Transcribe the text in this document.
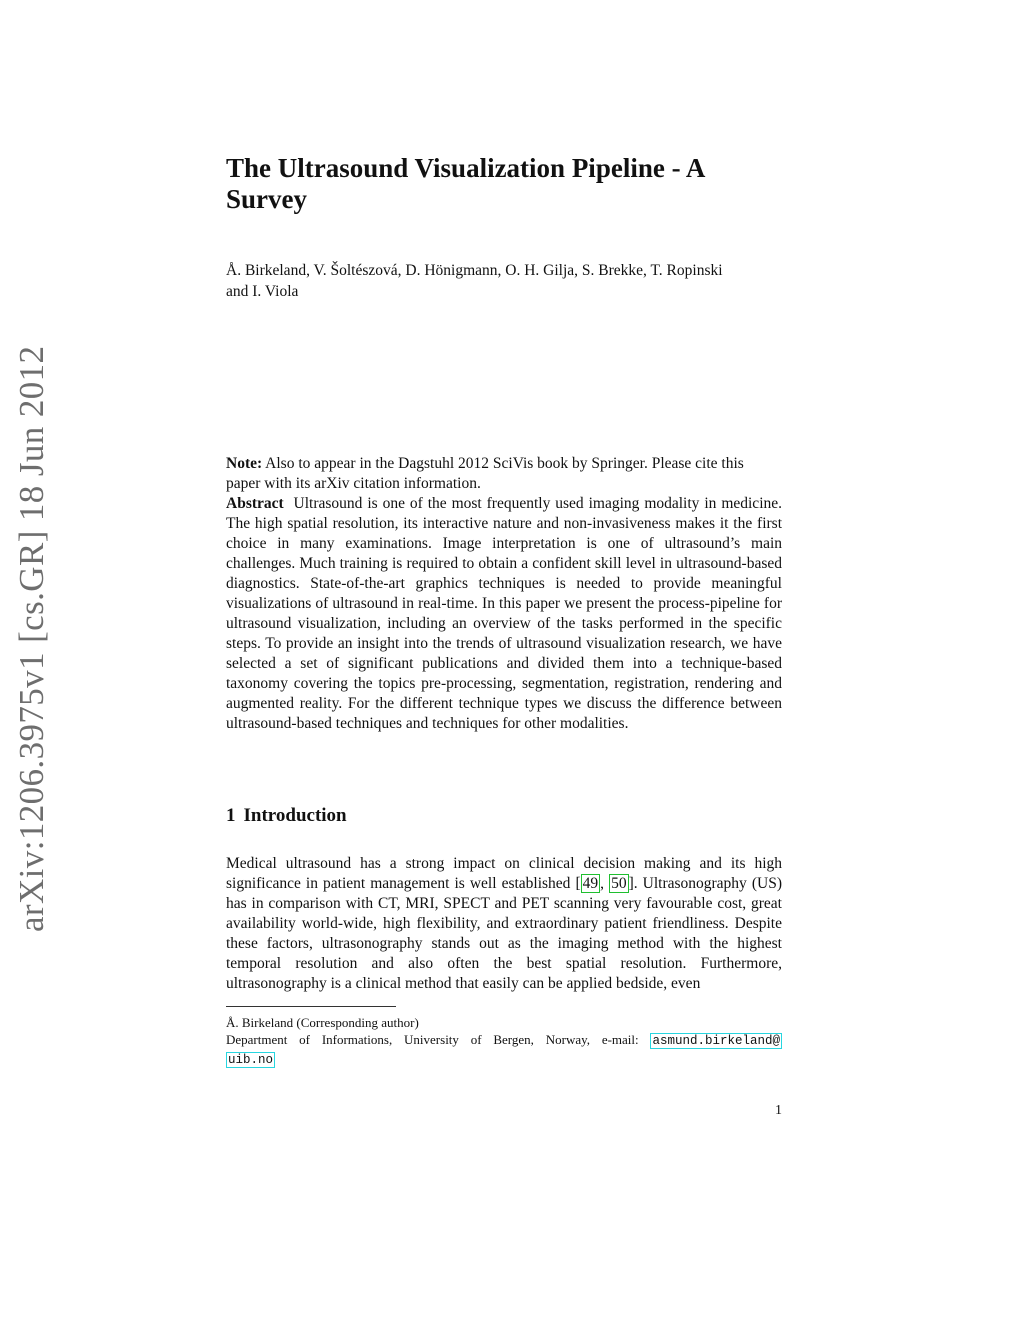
arXiv:1206.3975v1 [cs.GR] 18 Jun 2012
The Ultrasound Visualization Pipeline - A
Survey

Å. Birkeland, V. Šoltészová, D. Hönigmann, O. H. Gilja, S. Brekke, T. Ropinski
and I. Viola

Note: Also to appear in the Dagstuhl 2012 SciVis book by Springer. Please cite this paper with its arXiv citation information.

Abstract Ultrasound is one of the most frequently used imaging modality in medicine. The high spatial resolution, its interactive nature and non-invasiveness makes it the first choice in many examinations. Image interpretation is one of ultrasound’s main challenges. Much training is required to obtain a confident skill level in ultrasound-based diagnostics. State-of-the-art graphics techniques is needed to provide meaningful visualizations of ultrasound in real-time. In this paper we present the process-pipeline for ultrasound visualization, including an overview of the tasks performed in the specific steps. To provide an insight into the trends of ultrasound visualization research, we have selected a set of significant publications and divided them into a technique-based taxonomy covering the topics pre-processing, segmentation, registration, rendering and augmented reality. For the different technique types we discuss the difference between ultrasound-based techniques and techniques for other modalities.

1 Introduction

Medical ultrasound has a strong impact on clinical decision making and its high significance in patient management is well established [ 49 , 50 ]. Ultrasonography (US) has in comparison with CT, MRI, SPECT and PET scanning very favourable cost, great availability world-wide, high flexibility, and extraordinary patient friendliness. Despite these factors, ultrasonography stands out as the imaging method with the highest temporal resolution and also often the best spatial resolution. Furthermore, ultrasonography is a clinical method that easily can be applied bedside, even

Å. Birkeland (Corresponding author)
Department of Informations, University of Bergen, Norway, e-mail: asmund.birkeland@
uib.no

1
